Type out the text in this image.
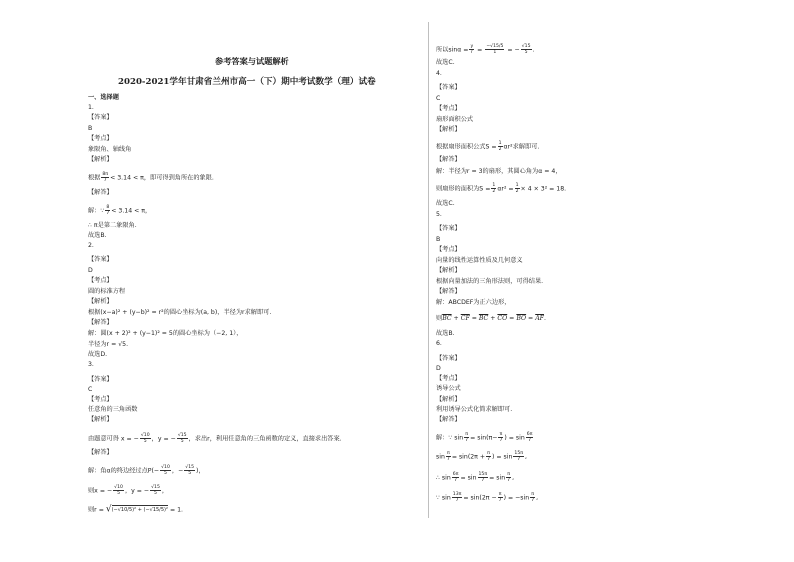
参考答案与试题解析
2020-2021学年甘肃省兰州市高一（下）期中考试数学（理）试卷
一、选择题
1.
【答案】
B
【考点】
象限角、轴线角
【解析】
根据 $\frac{8\pi}{7} < 3.14 < \pi$，即可得到角所在的象限.
【解答】
解：∵ $\frac{8}{7} < 3.14 < \pi$，
∴ π是第二象限角.
故选B.
2.
【答案】
D
【考点】
圆的标准方程
【解析】
根据(x−a)² + (y−b)² = r²的圆心坐标为(a, b)，半径为r求解即可.
【解答】
解：圆(x + 2)² + (y−1)² = 5的圆心坐标为（−2, 1），
半径为r = √5.
故选D.
3.
【答案】
C
【考点】
任意角的三角函数
【解析】
由题意可得 x = − $\frac{√10}{5}$ ，y = − $\frac{√15}{5}$ ，求出r，利用任意角的三角函数的定义，直接求出答案.
【解答】
解：角α的终边经过点$P(- \frac{√10}{5}$ ，− $\frac{√15}{5}$ )，
则x = − $\frac{√10}{5}$ ，y = − $\frac{√15}{5}$ ，
则r = √(−√10/5)² + (−√15/5)² = 1.
所以$\sin\alpha = \frac{y}{r} = \frac{-√15/5}{1}$ = − $\frac{√15}{5}$ .
故选C.
4.
【答案】
C
【考点】
扇形面积公式
【解析】
根据扇形面积公式$S = \frac{1}{2} \alpha r^2$求解即可.
【解答】
解：半径为r = 3的扇形，其圆心角为α = 4，
则扇形的面积为$S = \frac{1}{2} \alpha r^2 = \frac{1}{2} \times 4 \times 3^2 = 18$.
故选C.
5.
【答案】
B
【考点】
向量的线性运算性质及几何意义
【解析】
根据向量加法的三角形法则，可得结果.
【解答】
解：ABCDEF为正六边形，
则$\overline{BC} + \overline{CF} = \overline{BC} + \overline{CO} = \overline{BO} = \overline{AF}$.
故选B.
6.
【答案】
D
【考点】
诱导公式
【解析】
利用诱导公式化简求解即可.
【解答】
解：∵ $\sin \frac{\pi}{7} = \sin(\pi- \frac{\pi}{7}$ ) = $\sin \frac{6\pi}{7}$
$\sin \frac{\pi}{7} = \sin(2\pi + \frac{\pi}{7}$ ) = $\sin \frac{15\pi}{7}$ ,
∴ $\sin \frac{6\pi}{7} = \sin \frac{15\pi}{7} = \sin \frac{\pi}{7}$ ,
∵ $\sin \frac{13\pi}{7} = \sin(2\pi - \frac{\pi}{7}$ ) = $-\sin \frac{\pi}{7}$ ,
